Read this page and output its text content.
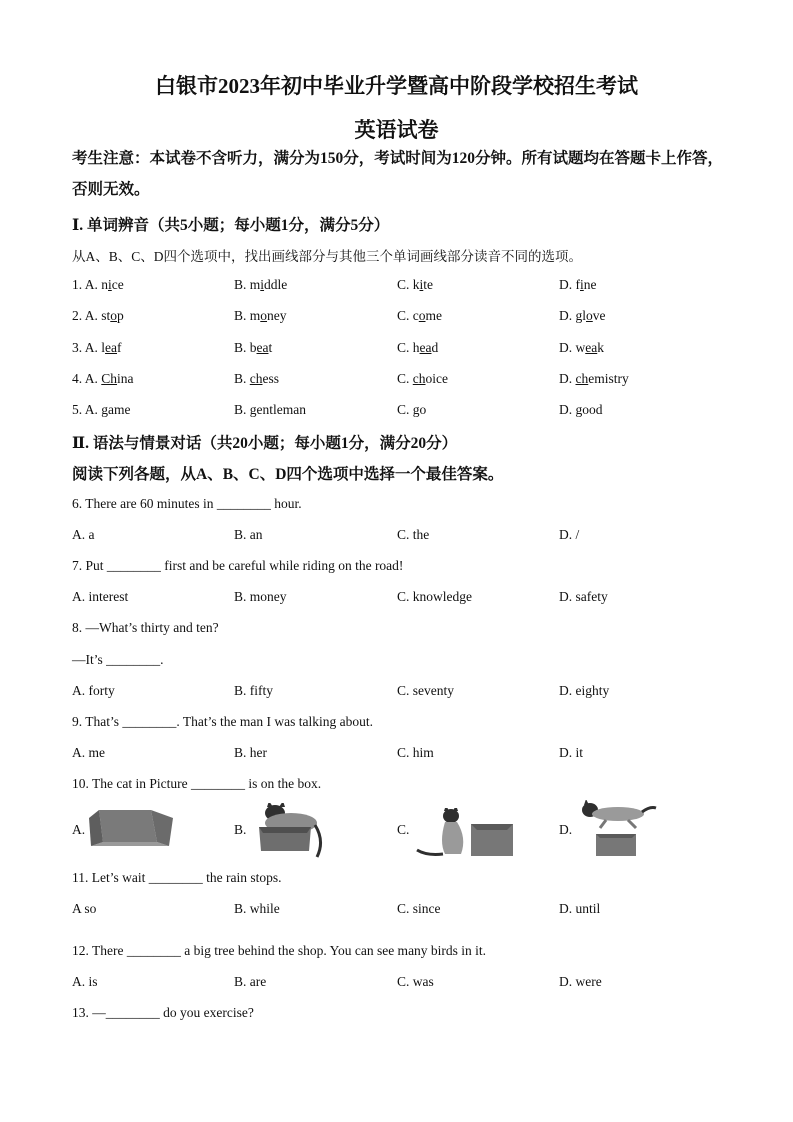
白银市2023年初中毕业升学暨高中阶段学校招生考试
英语试卷
考生注意：本试卷不含听力，满分为150分，考试时间为120分钟。所有试题均在答题卡上作答，否则无效。
Ⅰ. 单词辨音（共5小题；每小题1分，满分5分）
从A、B、C、D四个选项中，找出画线部分与其他三个单词画线部分读音不同的选项。
1. A. nice	B. middle	C. kite	D. fine
2. A. stop	B. money	C. come	D. glove
3. A. leaf	B. beat	C. head	D. weak
4. A. China	B. chess	C. choice	D. chemistry
5. A. game	B. gentleman	C. go	D. good
Ⅱ. 语法与情景对话（共20小题；每小题1分，满分20分）
阅读下列各题，从A、B、C、D四个选项中选择一个最佳答案。
6. There are 60 minutes in ________ hour.
A. a	B. an	C. the	D. /
7. Put ________ first and be careful while riding on the road!
A. interest	B. money	C. knowledge	D. safety
8. —What’s thirty and ten?
—It’s ________.
A. forty	B. fifty	C. seventy	D. eighty
9. That’s ________. That’s the man I was talking about.
A. me	B. her	C. him	D. it
10. The cat in Picture ________ is on the box.
A.	B.	C.	D.
11. Let’s wait ________ the rain stops.
A so	B. while	C. since	D. until
12. There ________ a big tree behind the shop. You can see many birds in it.
A. is	B. are	C. was	D. were
13. —________ do you exercise?
